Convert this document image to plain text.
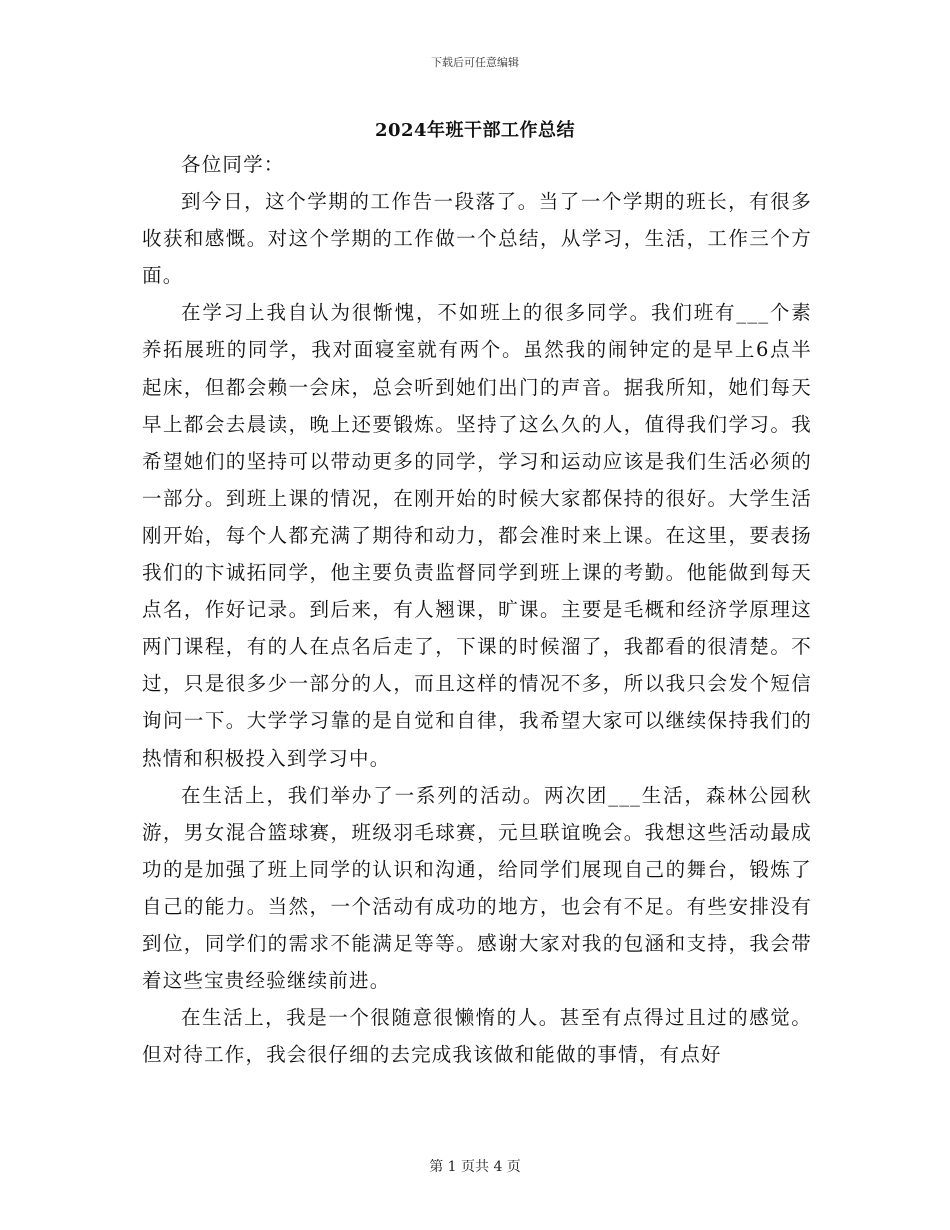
下载后可任意编辑
2024年班干部工作总结

各位同学：

到今日，这个学期的工作告一段落了。当了一个学期的班长，有很多收获和感慨。对这个学期的工作做一个总结，从学习，生活，工作三个方面。

在学习上我自认为很惭愧，不如班上的很多同学。我们班有___个素养拓展班的同学，我对面寝室就有两个。虽然我的闹钟定的是早上6点半起床，但都会赖一会床，总会听到她们出门的声音。据我所知，她们每天早上都会去晨读，晚上还要锻炼。坚持了这么久的人，值得我们学习。我希望她们的坚持可以带动更多的同学，学习和运动应该是我们生活必须的一部分。到班上课的情况，在刚开始的时候大家都保持的很好。大学生活刚开始，每个人都充满了期待和动力，都会准时来上课。在这里，要表扬我们的卞诚拓同学，他主要负责监督同学到班上课的考勤。他能做到每天点名，作好记录。到后来，有人翘课，旷课。主要是毛概和经济学原理这两门课程，有的人在点名后走了，下课的时候溜了，我都看的很清楚。不过，只是很多少一部分的人，而且这样的情况不多，所以我只会发个短信询问一下。大学学习靠的是自觉和自律，我希望大家可以继续保持我们的热情和积极投入到学习中。

在生活上，我们举办了一系列的活动。两次团___生活，森林公园秋游，男女混合篮球赛，班级羽毛球赛，元旦联谊晚会。我想这些活动最成功的是加强了班上同学的认识和沟通，给同学们展现自己的舞台，锻炼了自己的能力。当然，一个活动有成功的地方，也会有不足。有些安排没有到位，同学们的需求不能满足等等。感谢大家对我的包涵和支持，我会带着这些宝贵经验继续前进。

在生活上，我是一个很随意很懒惰的人。甚至有点得过且过的感觉。但对待工作，我会很仔细的去完成我该做和能做的事情，有点好

第 1 页共 4 页
